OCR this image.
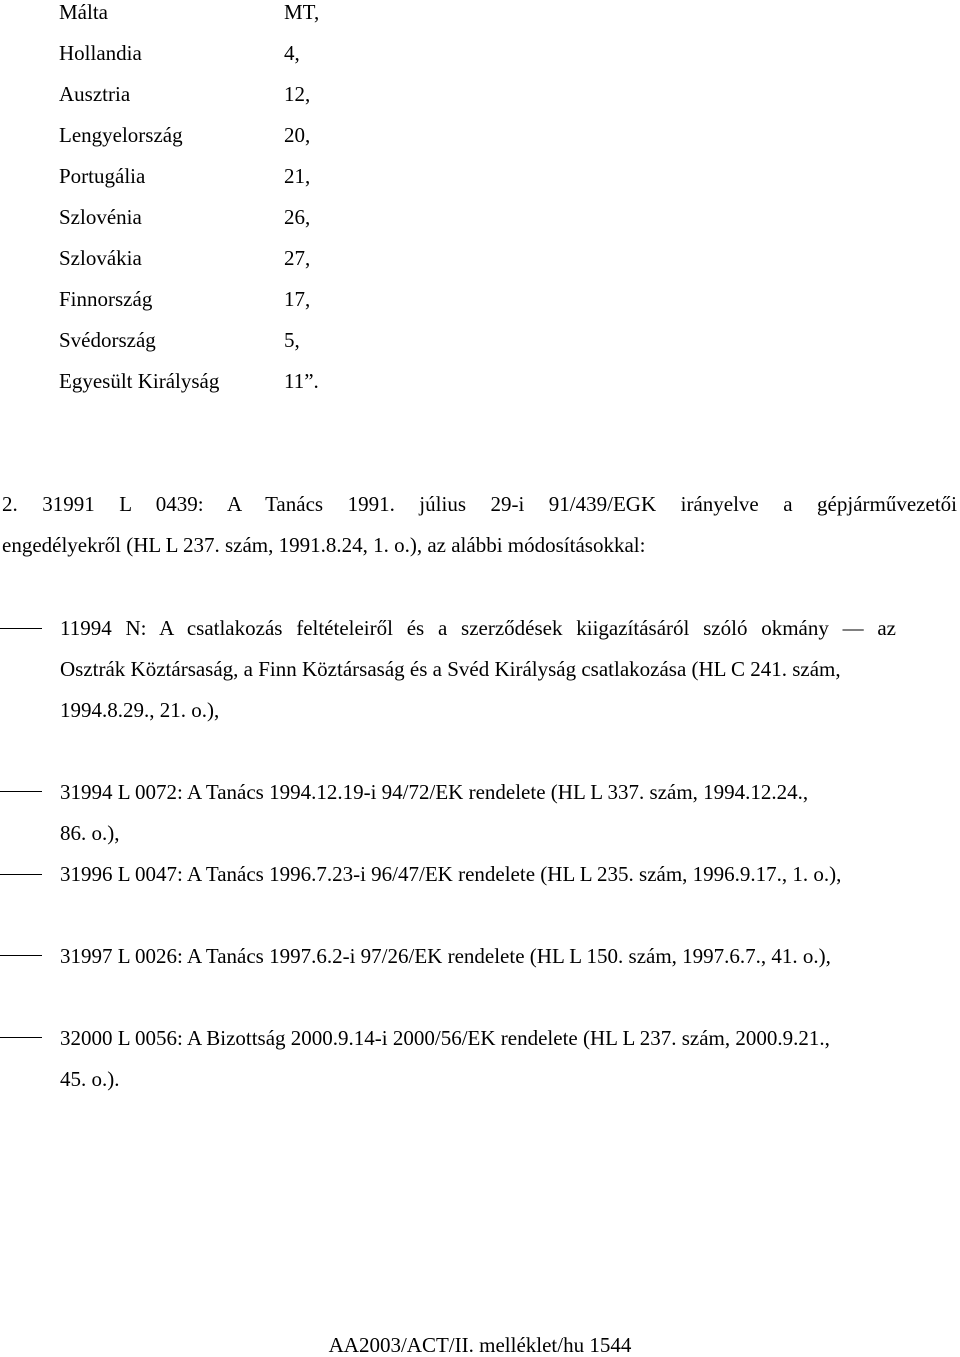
Málta	MT,
Hollandia	4,
Ausztria	12,
Lengyelország	20,
Portugália	21,
Szlovénia	26,
Szlovákia	27,
Finnország	17,
Svédország	5,
Egyesült Királyság	11”.
2. 31991 L 0439: A Tanács 1991. július 29-i 91/439/EGK irányelve a gépjárművezetői
engedélyekről (HL L 237. szám, 1991.8.24, 1. o.), az alábbi módosításokkal:
11994 N: A csatlakozás feltételeiről és a szerződések kiigazításáról szóló okmány — az
Osztrák Köztársaság, a Finn Köztársaság és a Svéd Királyság csatlakozása (HL C 241. szám,
1994.8.29., 21. o.),
31994 L 0072: A Tanács 1994.12.19-i 94/72/EK rendelete (HL L 337. szám, 1994.12.24.,
86. o.),
31996 L 0047: A Tanács 1996.7.23-i 96/47/EK rendelete (HL L 235. szám, 1996.9.17., 1. o.),
31997 L 0026: A Tanács 1997.6.2-i 97/26/EK rendelete (HL L 150. szám, 1997.6.7., 41. o.),
32000 L 0056: A Bizottság 2000.9.14-i 2000/56/EK rendelete (HL L 237. szám, 2000.9.21.,
45. o.).
AA2003/ACT/II. melléklet/hu 1544
